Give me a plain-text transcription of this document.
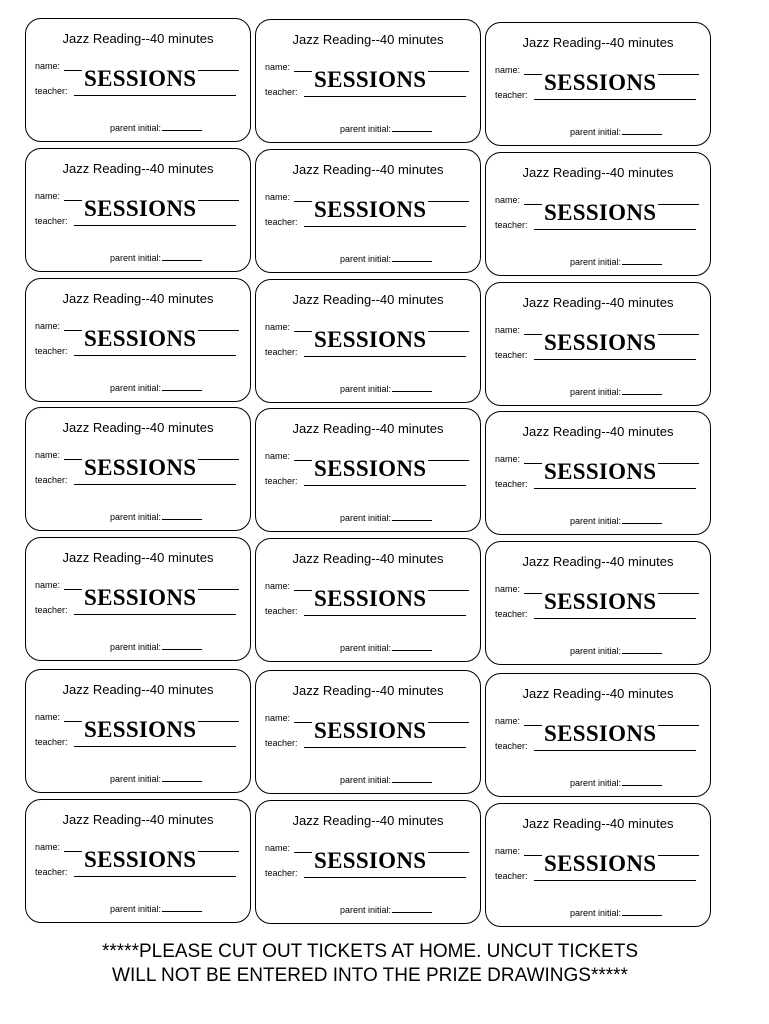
Jazz Reading--40 minutes
name:
teacher: SESSIONS
parent initial:
Jazz Reading--40 minutes
name:
teacher: SESSIONS
parent initial:
Jazz Reading--40 minutes
name:
teacher: SESSIONS
parent initial:
Jazz Reading--40 minutes
name:
teacher: SESSIONS
parent initial:
Jazz Reading--40 minutes
name:
teacher: SESSIONS
parent initial:
Jazz Reading--40 minutes
name:
teacher: SESSIONS
parent initial:
Jazz Reading--40 minutes
name:
teacher: SESSIONS
parent initial:
Jazz Reading--40 minutes
name:
teacher: SESSIONS
parent initial:
Jazz Reading--40 minutes
name:
teacher: SESSIONS
parent initial:
Jazz Reading--40 minutes
name:
teacher: SESSIONS
parent initial:
Jazz Reading--40 minutes
name:
teacher: SESSIONS
parent initial:
Jazz Reading--40 minutes
name:
teacher: SESSIONS
parent initial:
Jazz Reading--40 minutes
name:
teacher: SESSIONS
parent initial:
Jazz Reading--40 minutes
name:
teacher: SESSIONS
parent initial:
Jazz Reading--40 minutes
name:
teacher: SESSIONS
parent initial:
Jazz Reading--40 minutes
name:
teacher: SESSIONS
parent initial:
Jazz Reading--40 minutes
name:
teacher: SESSIONS
parent initial:
Jazz Reading--40 minutes
name:
teacher: SESSIONS
parent initial:
Jazz Reading--40 minutes
name:
teacher: SESSIONS
parent initial:
Jazz Reading--40 minutes
name:
teacher: SESSIONS
parent initial:
Jazz Reading--40 minutes
name:
teacher: SESSIONS
parent initial:
*****PLEASE CUT OUT TICKETS AT HOME. UNCUT TICKETS WILL NOT BE ENTERED INTO THE PRIZE DRAWINGS*****
